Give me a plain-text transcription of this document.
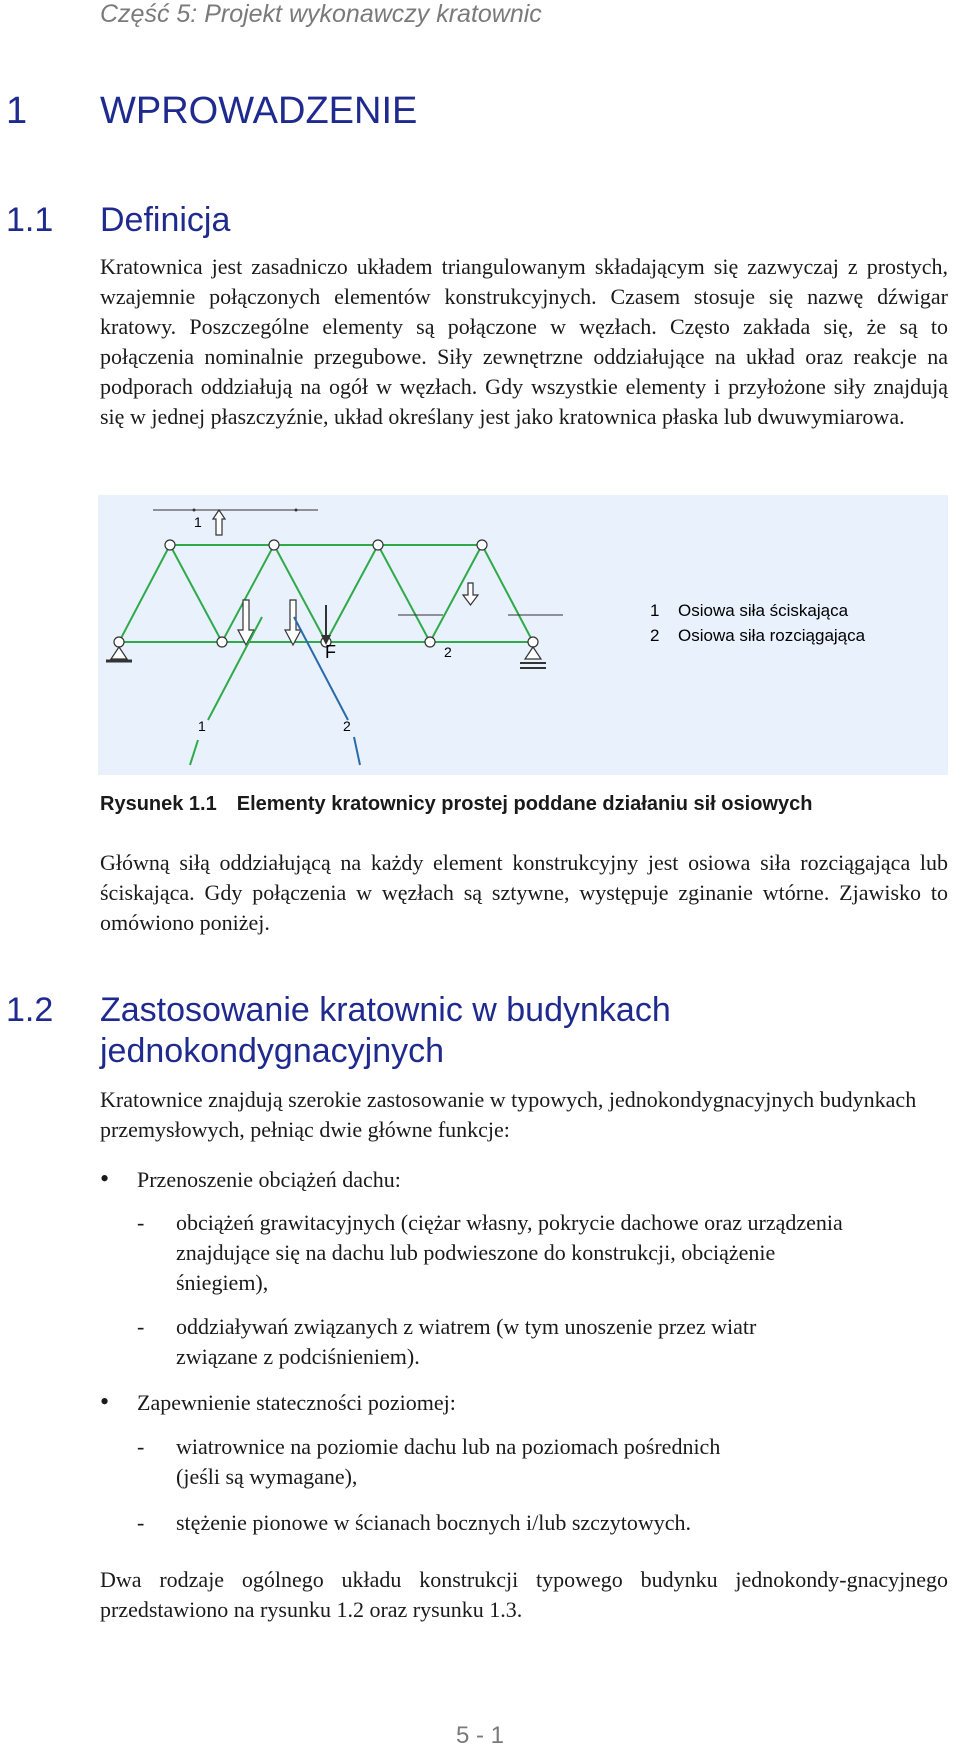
Część 5: Projekt wykonawczy kratownic
1 WPROWADZENIE
1.1 Definicja
Kratownica jest zasadniczo układem triangulowanym składającym się zazwyczaj z prostych, wzajemnie połączonych elementów konstrukcyjnych. Czasem stosuje się nazwę dźwigar kratowy. Poszczególne elementy są połączone w węzłach. Często zakłada się, że są to połączenia nominalnie przegubowe. Siły zewnętrzne oddziałujące na układ oraz reakcje na podporach oddziałują na ogół w węzłach. Gdy wszystkie elementy i przyłożone siły znajdują się w jednej płaszczyźnie, układ określany jest jako kratownica płaska lub dwuwymiarowa.
1
F	2
1	2
1 Osiowa siła ściskająca
2 Osiowa siła rozciągająca
Rysunek 1.1 Elementy kratownicy prostej poddane działaniu sił osiowych
Główną siłą oddziałującą na każdy element konstrukcyjny jest osiowa siła rozciągająca lub ściskająca. Gdy połączenia w węzłach są sztywne, występuje zginanie wtórne. Zjawisko to omówiono poniżej.
1.2 Zastosowanie kratownic w budynkach
jednokondygnacyjnych
Kratownice znajdują szerokie zastosowanie w typowych, jednokondygnacyjnych budynkach przemysłowych, pełniąc dwie główne funkcje:
• Przenoszenie obciążeń dachu:
- obciążeń grawitacyjnych (ciężar własny, pokrycie dachowe oraz urządzenia
znajdujące się na dachu lub podwieszone do konstrukcji, obciążenie
śniegiem),
- oddziaływań związanych z wiatrem (w tym unoszenie przez wiatr
związane z podciśnieniem).
• Zapewnienie stateczności poziomej:
- wiatrownice na poziomie dachu lub na poziomach pośrednich
(jeśli są wymagane),
- stężenie pionowe w ścianach bocznych i/lub szczytowych.
Dwa rodzaje ogólnego układu konstrukcji typowego budynku jednokondy-gnacyjnego przedstawiono na rysunku 1.2 oraz rysunku 1.3.
5 - 1
